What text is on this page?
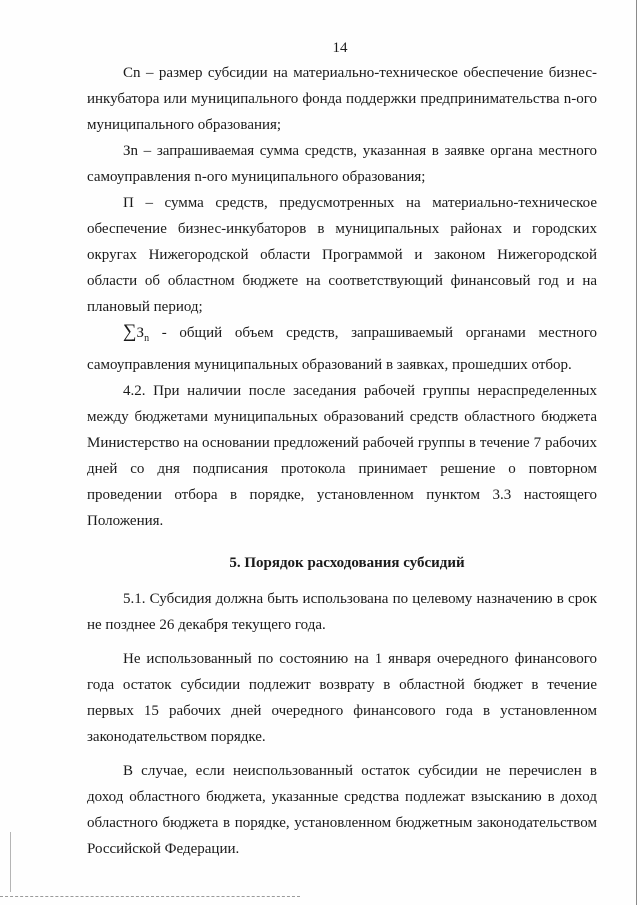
14

Сn – размер субсидии на материально-техническое обеспечение бизнес-инкубатора или муниципального фонда поддержки предпринимательства n-ого муниципального образования;

Зn – запрашиваемая сумма средств, указанная в заявке органа местного самоуправления n-ого муниципального образования;

П – сумма средств, предусмотренных на материально-техническое обеспечение бизнес-инкубаторов в муниципальных районах и городских округах Нижегородской области Программой и законом Нижегородской области об областном бюджете на соответствующий финансовый год и на плановый период;

$\sum З_n$ - общий объем средств, запрашиваемый органами местного самоуправления муниципальных образований в заявках, прошедших отбор.

4.2. При наличии после заседания рабочей группы нераспределенных между бюджетами муниципальных образований средств областного бюджета Министерство на основании предложений рабочей группы в течение 7 рабочих дней со дня подписания протокола принимает решение о повторном проведении отбора в порядке, установленном пунктом 3.3 настоящего Положения.

5. Порядок расходования субсидий

5.1. Субсидия должна быть использована по целевому назначению в срок не позднее 26 декабря текущего года.

Не использованный по состоянию на 1 января очередного финансового года остаток субсидии подлежит возврату в областной бюджет в течение первых 15 рабочих дней очередного финансового года в установленном законодательством порядке.

В случае, если неиспользованный остаток субсидии не перечислен в доход областного бюджета, указанные средства подлежат взысканию в доход областного бюджета в порядке, установленном бюджетным законодательством Российской Федерации.
